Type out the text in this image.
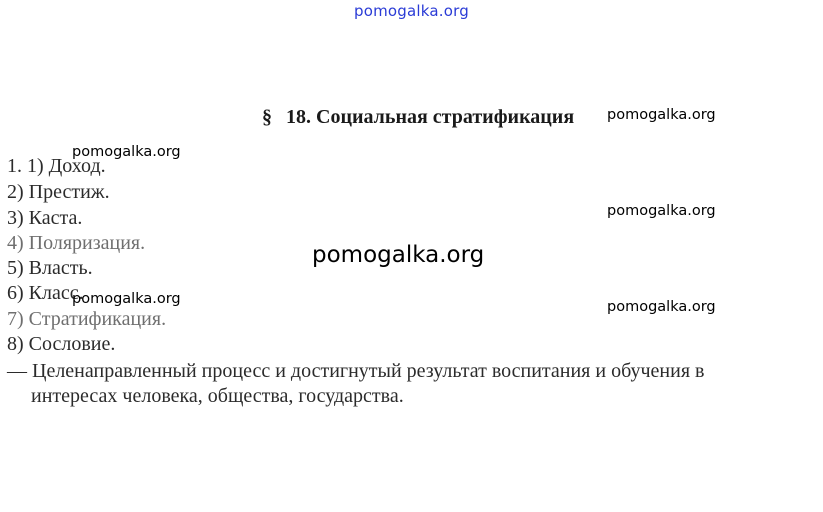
pomogalka.org
§ 18. Социальная стратификация
1. 1) Доход.
2) Престиж.
3) Каста.
4) Поляризация.
5) Власть.
6) Класс.
7) Стратификация.
8) Сословие.
— Целенаправленный процесс и достигнутый результат воспитания и обучения в
интересах человека, общества, государства.
pomogalka.org
pomogalka.org
pomogalka.org
pomogalka.org
pomogalka.org	pomogalka.org
